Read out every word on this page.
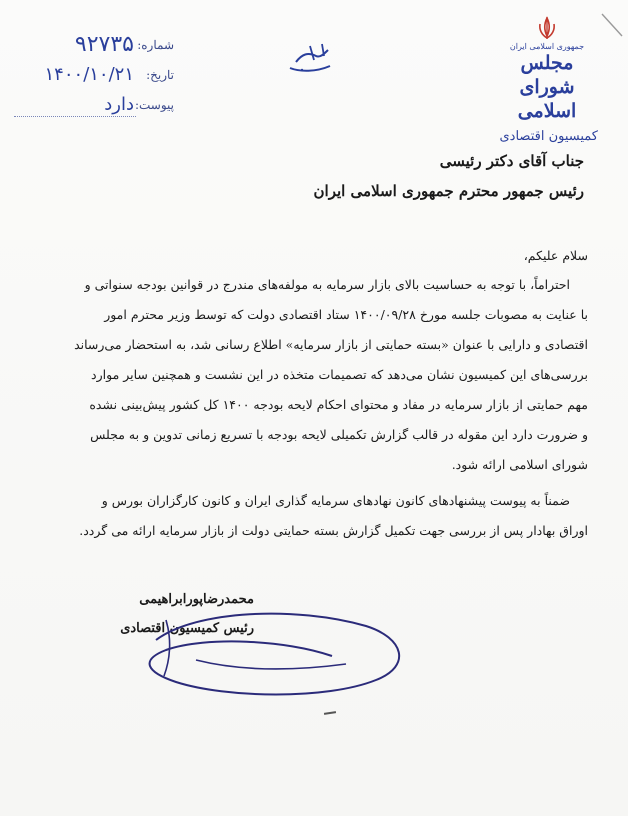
۹۲۷۳۵ شماره:
۱۴۰۰/۱۰/۲۱ تاریخ:
دارد پیوست:
جمهوری اسلامی ایران
مجلس شورای اسلامی
کمیسیون اقتصادی

جناب آقای دکتر رئیسی

رئیس جمهور محترم جمهوری اسلامی ایران

سلام علیکم،

احتراماً، با توجه به حساسیت بالای بازار سرمایه به مولفه‌های مندرج در قوانین بودجه سنواتی و

با عنایت به مصوبات جلسه مورخ ۱۴۰۰/۰۹/۲۸ ستاد اقتصادی دولت که توسط وزیر محترم امور

اقتصادی و دارایی با عنوان «بسته حمایتی از بازار سرمایه» اطلاع رسانی شد، به استحضار می‌رساند

بررسی‌های این کمیسیون نشان می‌دهد که تصمیمات متخذه در این نشست و همچنین سایر موارد

مهم حمایتی از بازار سرمایه در مفاد و محتوای احکام لایحه بودجه ۱۴۰۰ کل کشور پیش‌بینی نشده

و ضرورت دارد این مقوله در قالب گزارش تکمیلی لایحه بودجه با تسریع زمانی تدوین و به مجلس

شورای اسلامی ارائه شود.

ضمناً به پیوست پیشنهادهای کانون نهادهای سرمایه گذاری ایران و کانون کارگزاران بورس و

اوراق بهادار پس از بررسی جهت تکمیل گزارش بسته حمایتی دولت از بازار سرمایه ارائه می گردد.

محمدرضاپورابراهیمی

رئیس کمیسیون اقتصادی
